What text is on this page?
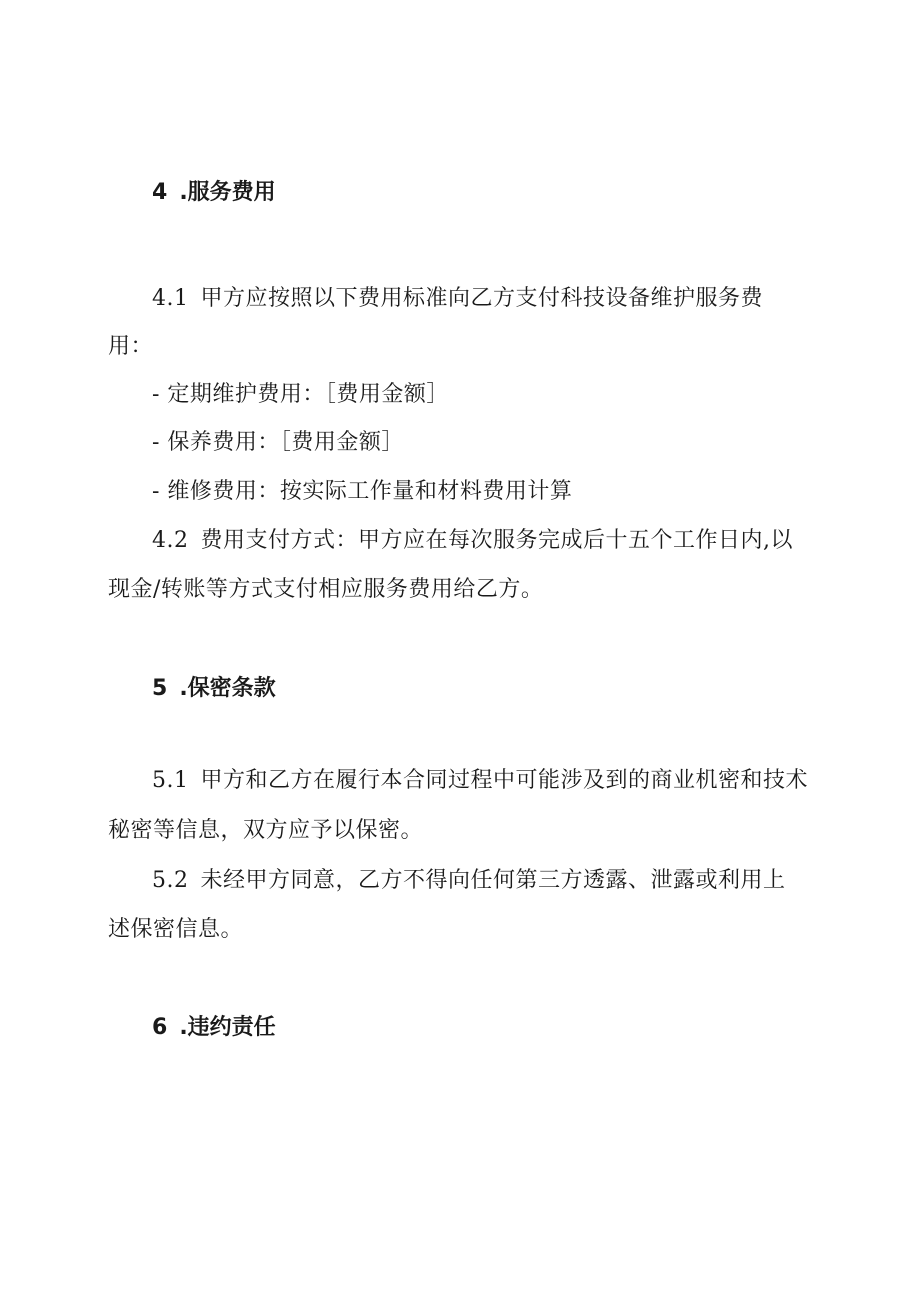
4 .服务费用
4.1 甲方应按照以下费用标准向乙方支付科技设备维护服务费
用：
- 定期维护费用：［费用金额］
- 保养费用：［费用金额］
- 维修费用：按实际工作量和材料费用计算
4.2 费用支付方式：甲方应在每次服务完成后十五个工作日内,以
现金/转账等方式支付相应服务费用给乙方。
5 .保密条款
5.1 甲方和乙方在履行本合同过程中可能涉及到的商业机密和技术
秘密等信息，双方应予以保密。
5.2 未经甲方同意，乙方不得向任何第三方透露、泄露或利用上
述保密信息。
6 .违约责任
